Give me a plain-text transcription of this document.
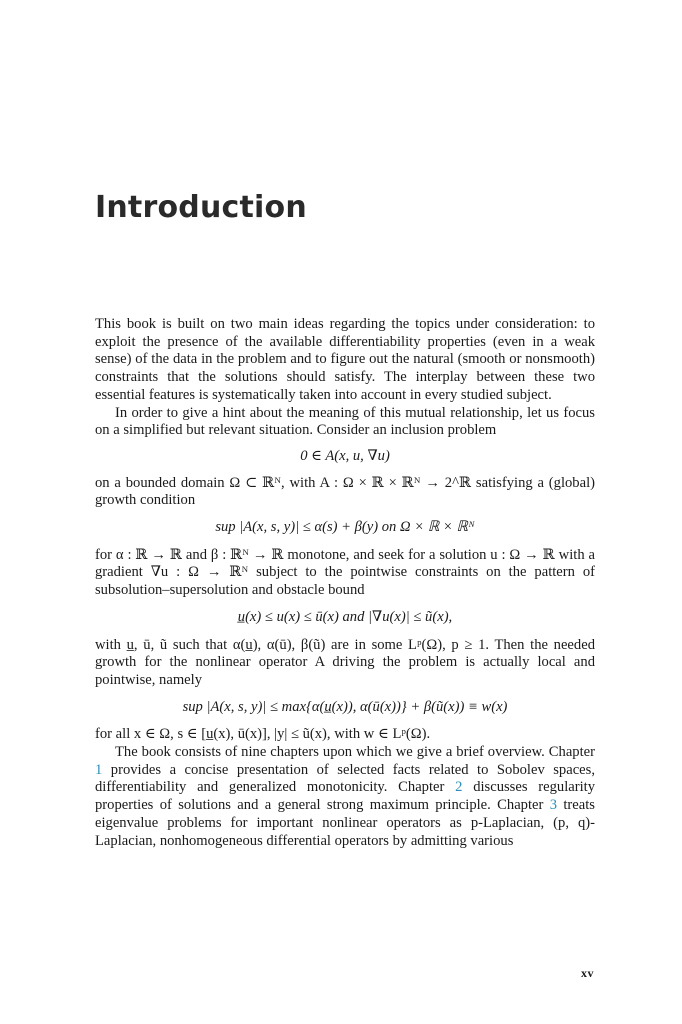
Introduction

This book is built on two main ideas regarding the topics under consideration: to exploit the presence of the available differentiability properties (even in a weak sense) of the data in the problem and to figure out the natural (smooth or nonsmooth) constraints that the solutions should satisfy. The interplay between these two essential features is systematically taken into account in every studied subject.

In order to give a hint about the meaning of this mutual relationship, let us focus on a simplified but relevant situation. Consider an inclusion problem

0 ∈ A(x, u, ∇u)

on a bounded domain Ω ⊂ ℝᴺ, with A : Ω × ℝ × ℝᴺ → 2^ℝ satisfying a (global) growth condition

sup |A(x, s, y)| ≤ α(s) + β(y) on Ω × ℝ × ℝᴺ

for α : ℝ → ℝ and β : ℝᴺ → ℝ monotone, and seek for a solution u : Ω → ℝ with a gradient ∇u : Ω → ℝᴺ subject to the pointwise constraints on the pattern of subsolution–supersolution and obstacle bound

u̲(x) ≤ u(x) ≤ ū(x) and |∇u(x)| ≤ ũ(x),

with u̲, ū, ũ such that α(u̲), α(ū), β(ũ) are in some Lᵖ(Ω), p ≥ 1. Then the needed growth for the nonlinear operator A driving the problem is actually local and pointwise, namely

sup |A(x, s, y)| ≤ max{α(u̲(x)), α(ū(x))} + β(ũ(x)) ≡ w(x)

for all x ∈ Ω, s ∈ [u̲(x), ū(x)], |y| ≤ ũ(x), with w ∈ Lᵖ(Ω).

The book consists of nine chapters upon which we give a brief overview. Chapter 1 provides a concise presentation of selected facts related to Sobolev spaces, differentiability and generalized monotonicity. Chapter 2 discusses regularity properties of solutions and a general strong maximum principle. Chapter 3 treats eigenvalue problems for important nonlinear operators as p-Laplacian, (p, q)-Laplacian, nonhomogeneous differential operators by admitting various

xv
